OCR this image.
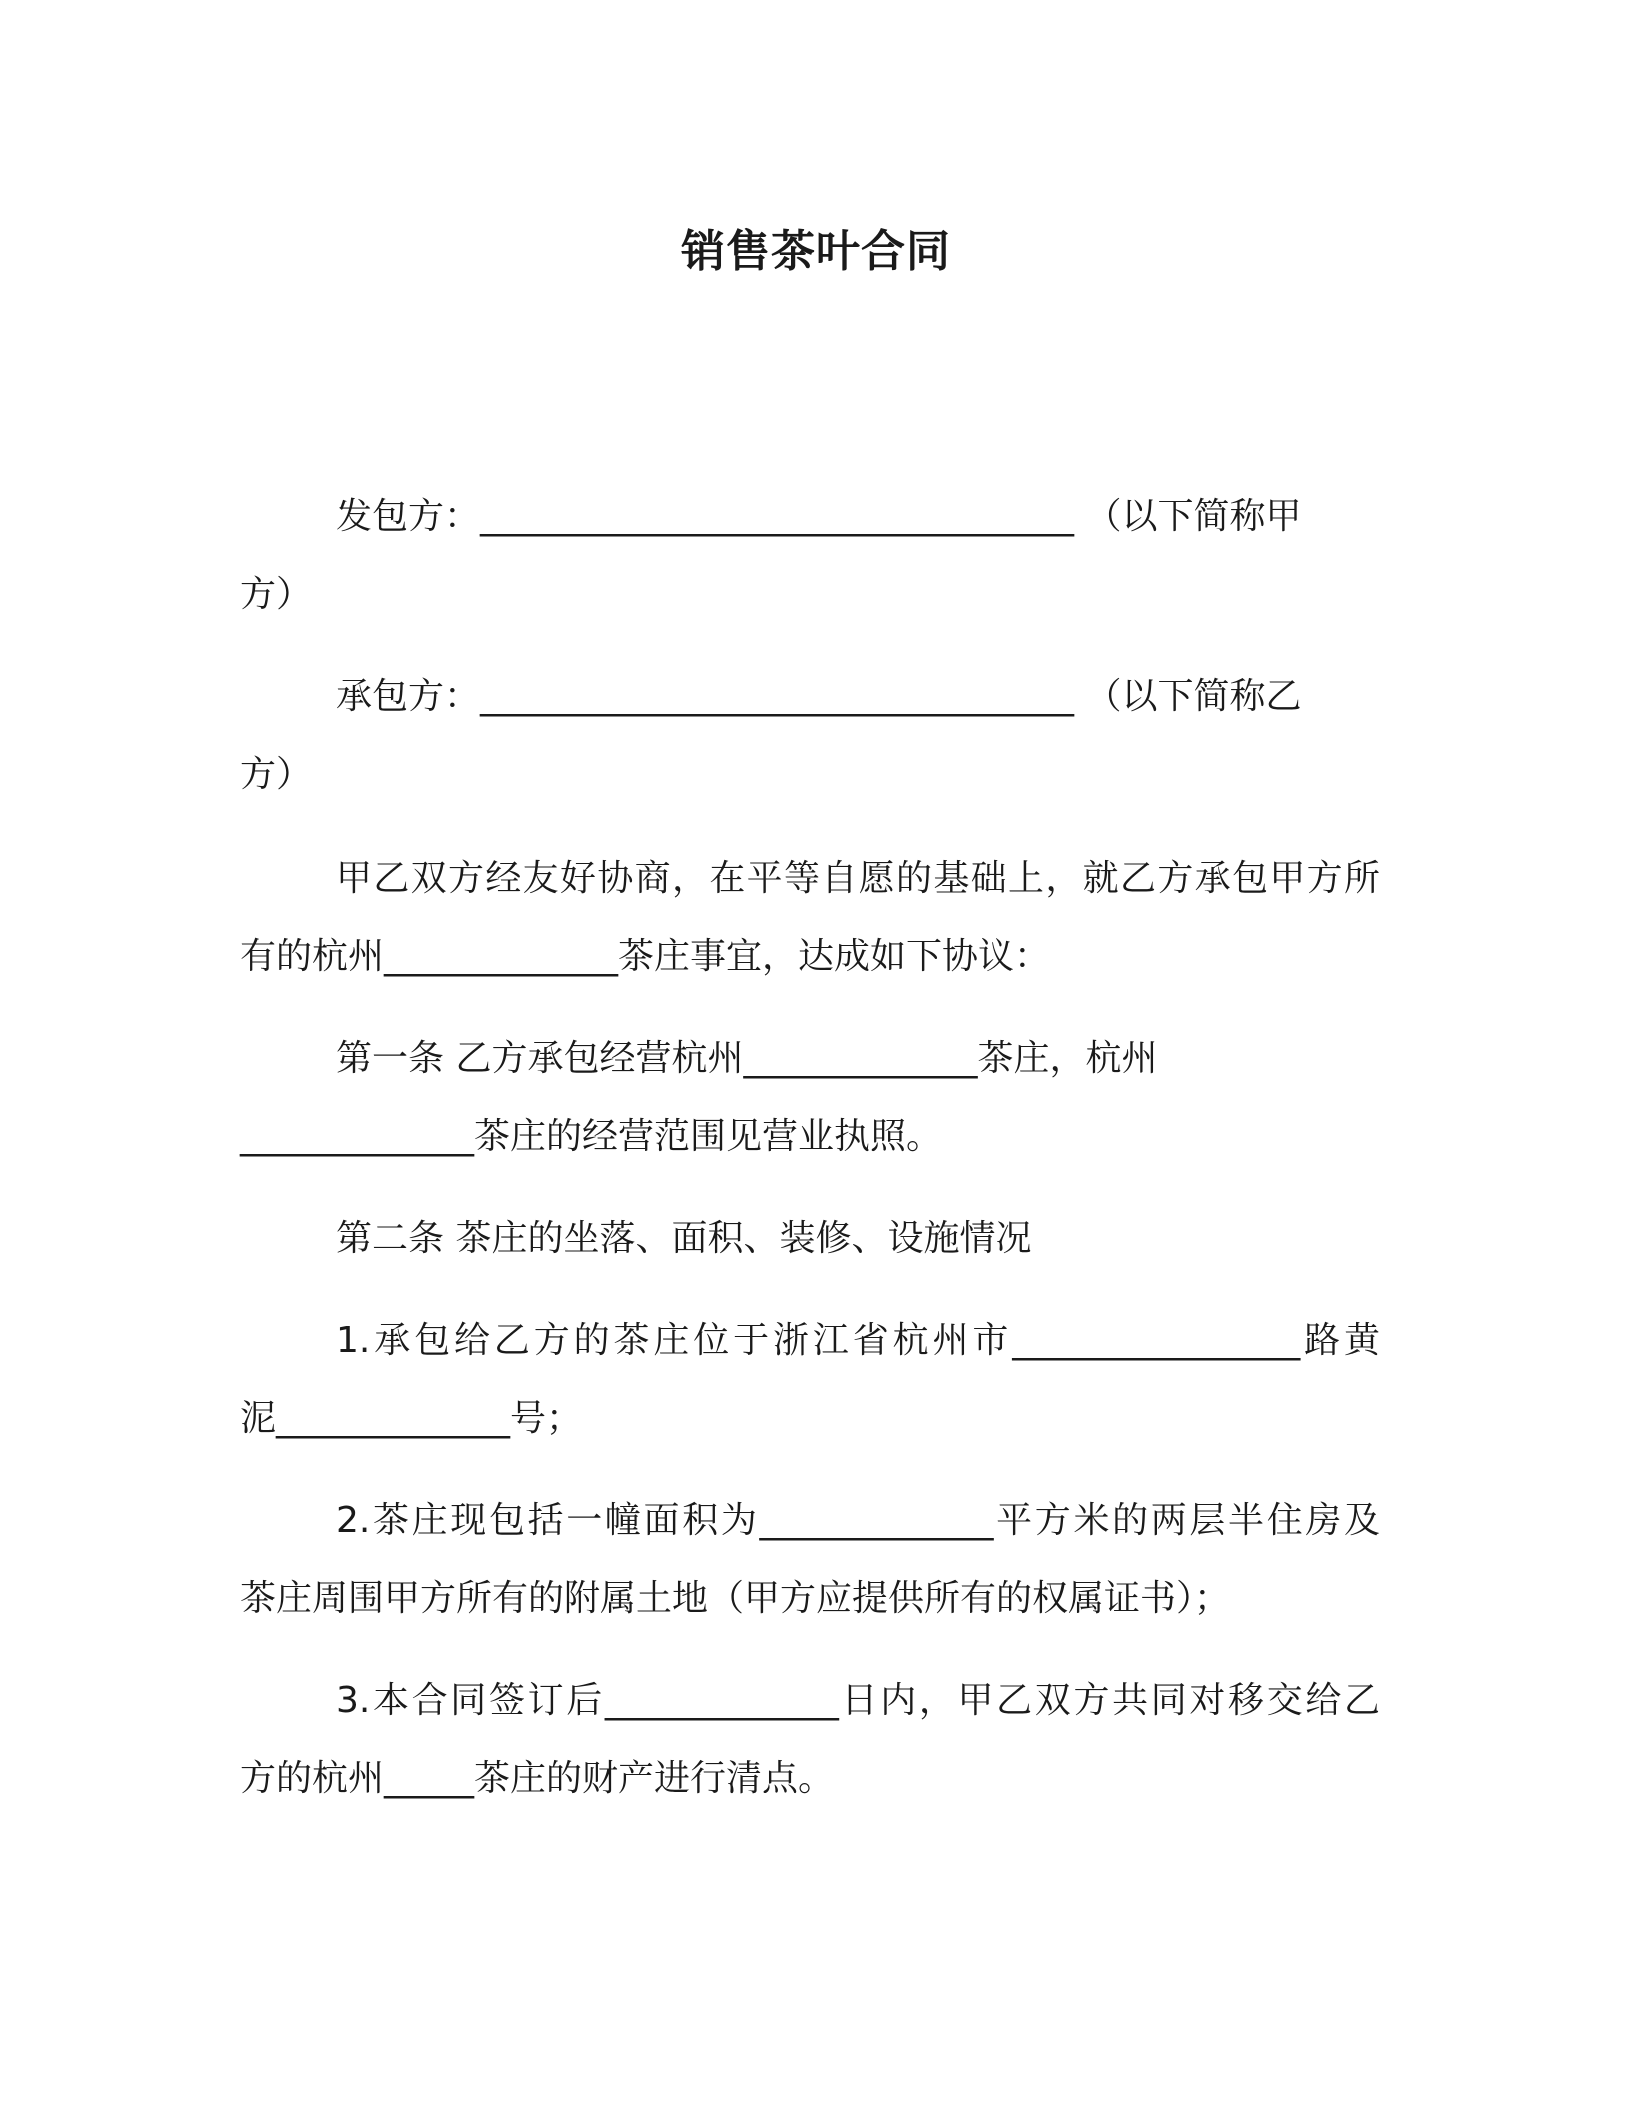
销售茶叶合同
发包方：_________________________________ （以下简称甲
方）
承包方：_________________________________ （以下简称乙
方）
甲乙双方经友好协商，在平等自愿的基础上，就乙方承包甲方所
有的杭州_____________茶庄事宜，达成如下协议：
第一条 乙方承包经营杭州_____________茶庄，杭州
_____________茶庄的经营范围见营业执照。
第二条 茶庄的坐落、面积、装修、设施情况
1.承包给乙方的茶庄位于浙江省杭州市________________路黄
泥_____________号；
2.茶庄现包括一幢面积为_____________平方米的两层半住房及
茶庄周围甲方所有的附属土地（甲方应提供所有的权属证书）；
3.本合同签订后_____________日内，甲乙双方共同对移交给乙
方的杭州_____茶庄的财产进行清点。
